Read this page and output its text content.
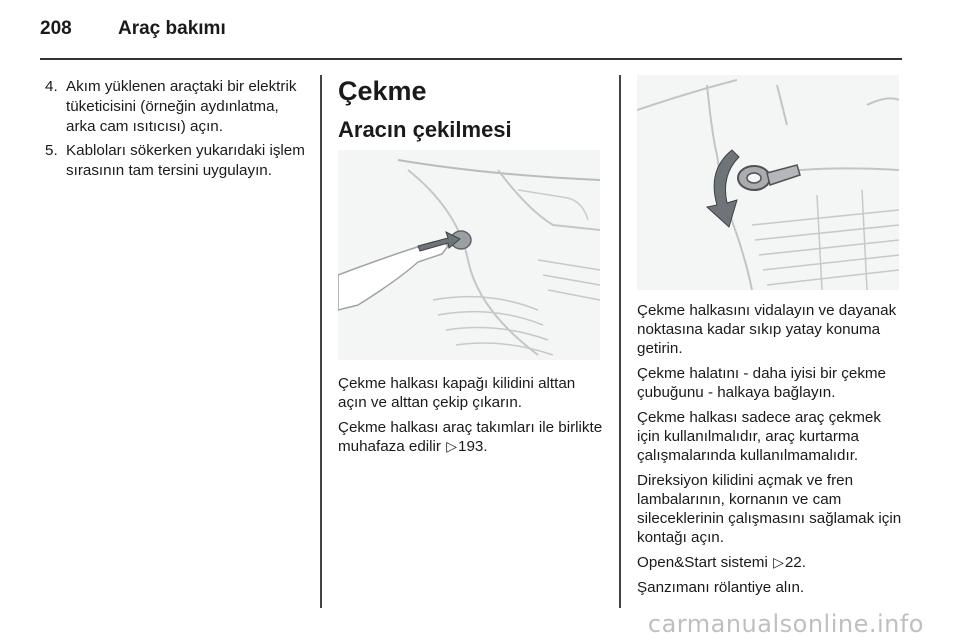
208 Araç bakımı
4. Akım yüklenen araçtaki bir elektrik tüketicisini (örneğin aydınlatma, arka cam ısıtıcısı) açın.
5. Kabloları sökerken yukarıdaki işlem sırasının tam tersini uygulayın.
Çekme
Aracın çekilmesi

Çekme halkası kapağı kilidini alttan açın ve alttan çekip çıkarın.

Çekme halkası araç takımları ile birlikte muhafaza edilir ▷193.

Çekme halkasını vidalayın ve dayanak noktasına kadar sıkıp yatay konuma getirin.

Çekme halatını - daha iyisi bir çekme çubuğunu - halkaya bağlayın.

Çekme halkası sadece araç çekmek için kullanılmalıdır, araç kurtarma çalışmalarında kullanılmamalıdır.

Direksiyon kilidini açmak ve fren lambalarının, kornanın ve cam sileceklerinin çalışmasını sağlamak için kontağı açın.

Open&Start sistemi ▷22.

Şanzımanı rölantiye alın.

carmanualsonline.info
